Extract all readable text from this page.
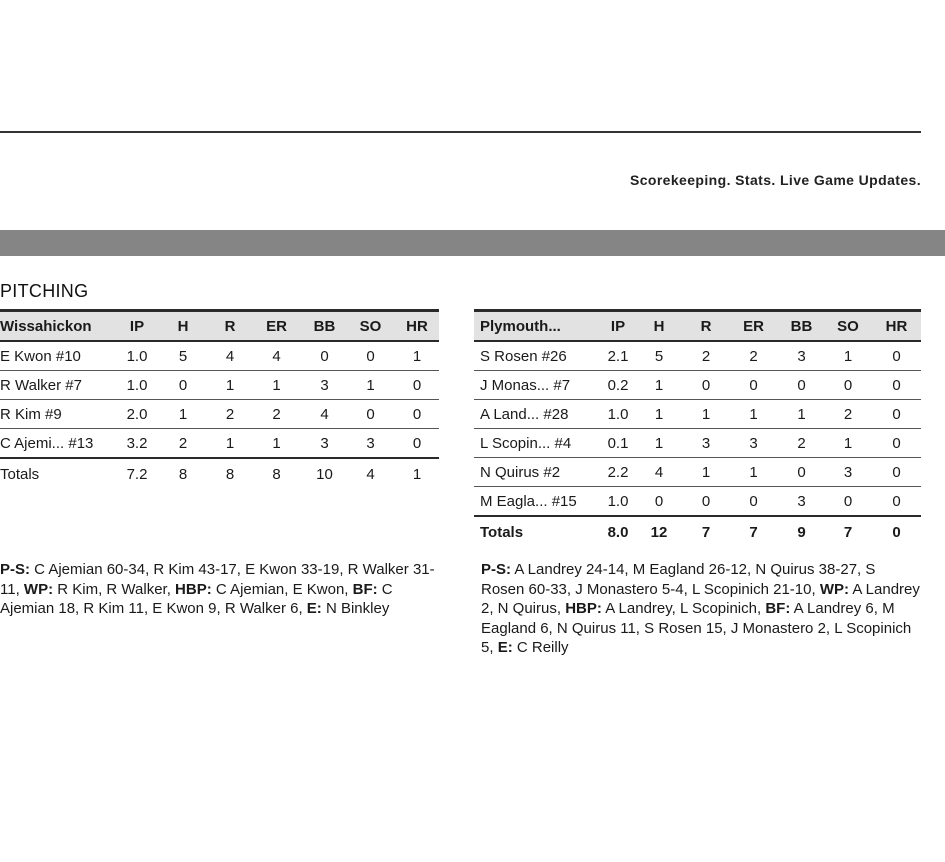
Scorekeeping. Stats. Live Game Updates.
PITCHING
Wissahickon	IP	H	R	ER	BB	SO	HR
E Kwon #10	1.0	5	4	4	0	0	1
R Walker #7	1.0	0	1	1	3	1	0
R Kim #9	2.0	1	2	2	4	0	0
C Ajemi... #13	3.2	2	1	1	3	3	0
Totals	7.2	8	8	8	10	4	1
Plymouth...	IP	H	R	ER	BB	SO	HR
S Rosen #26	2.1	5	2	2	3	1	0
J Monas... #7	0.2	1	0	0	0	0	0
A Land... #28	1.0	1	1	1	1	2	0
L Scopin... #4	0.1	1	3	3	2	1	0
N Quirus #2	2.2	4	1	1	0	3	0
M Eagla... #15	1.0	0	0	0	3	0	0
Totals	8.0	12	7	7	9	7	0
P-S: C Ajemian 60-34, R Kim 43-17, E Kwon 33-19, R Walker 31-11, WP: R Kim, R Walker, HBP: C Ajemian, E Kwon, BF: C Ajemian 18, R Kim 11, E Kwon 9, R Walker 6, E: N Binkley
P-S: A Landrey 24-14, M Eagland 26-12, N Quirus 38-27, S Rosen 60-33, J Monastero 5-4, L Scopinich 21-10, WP: A Landrey 2, N Quirus, HBP: A Landrey, L Scopinich, BF: A Landrey 6, M Eagland 6, N Quirus 11, S Rosen 15, J Monastero 2, L Scopinich 5, E: C Reilly
